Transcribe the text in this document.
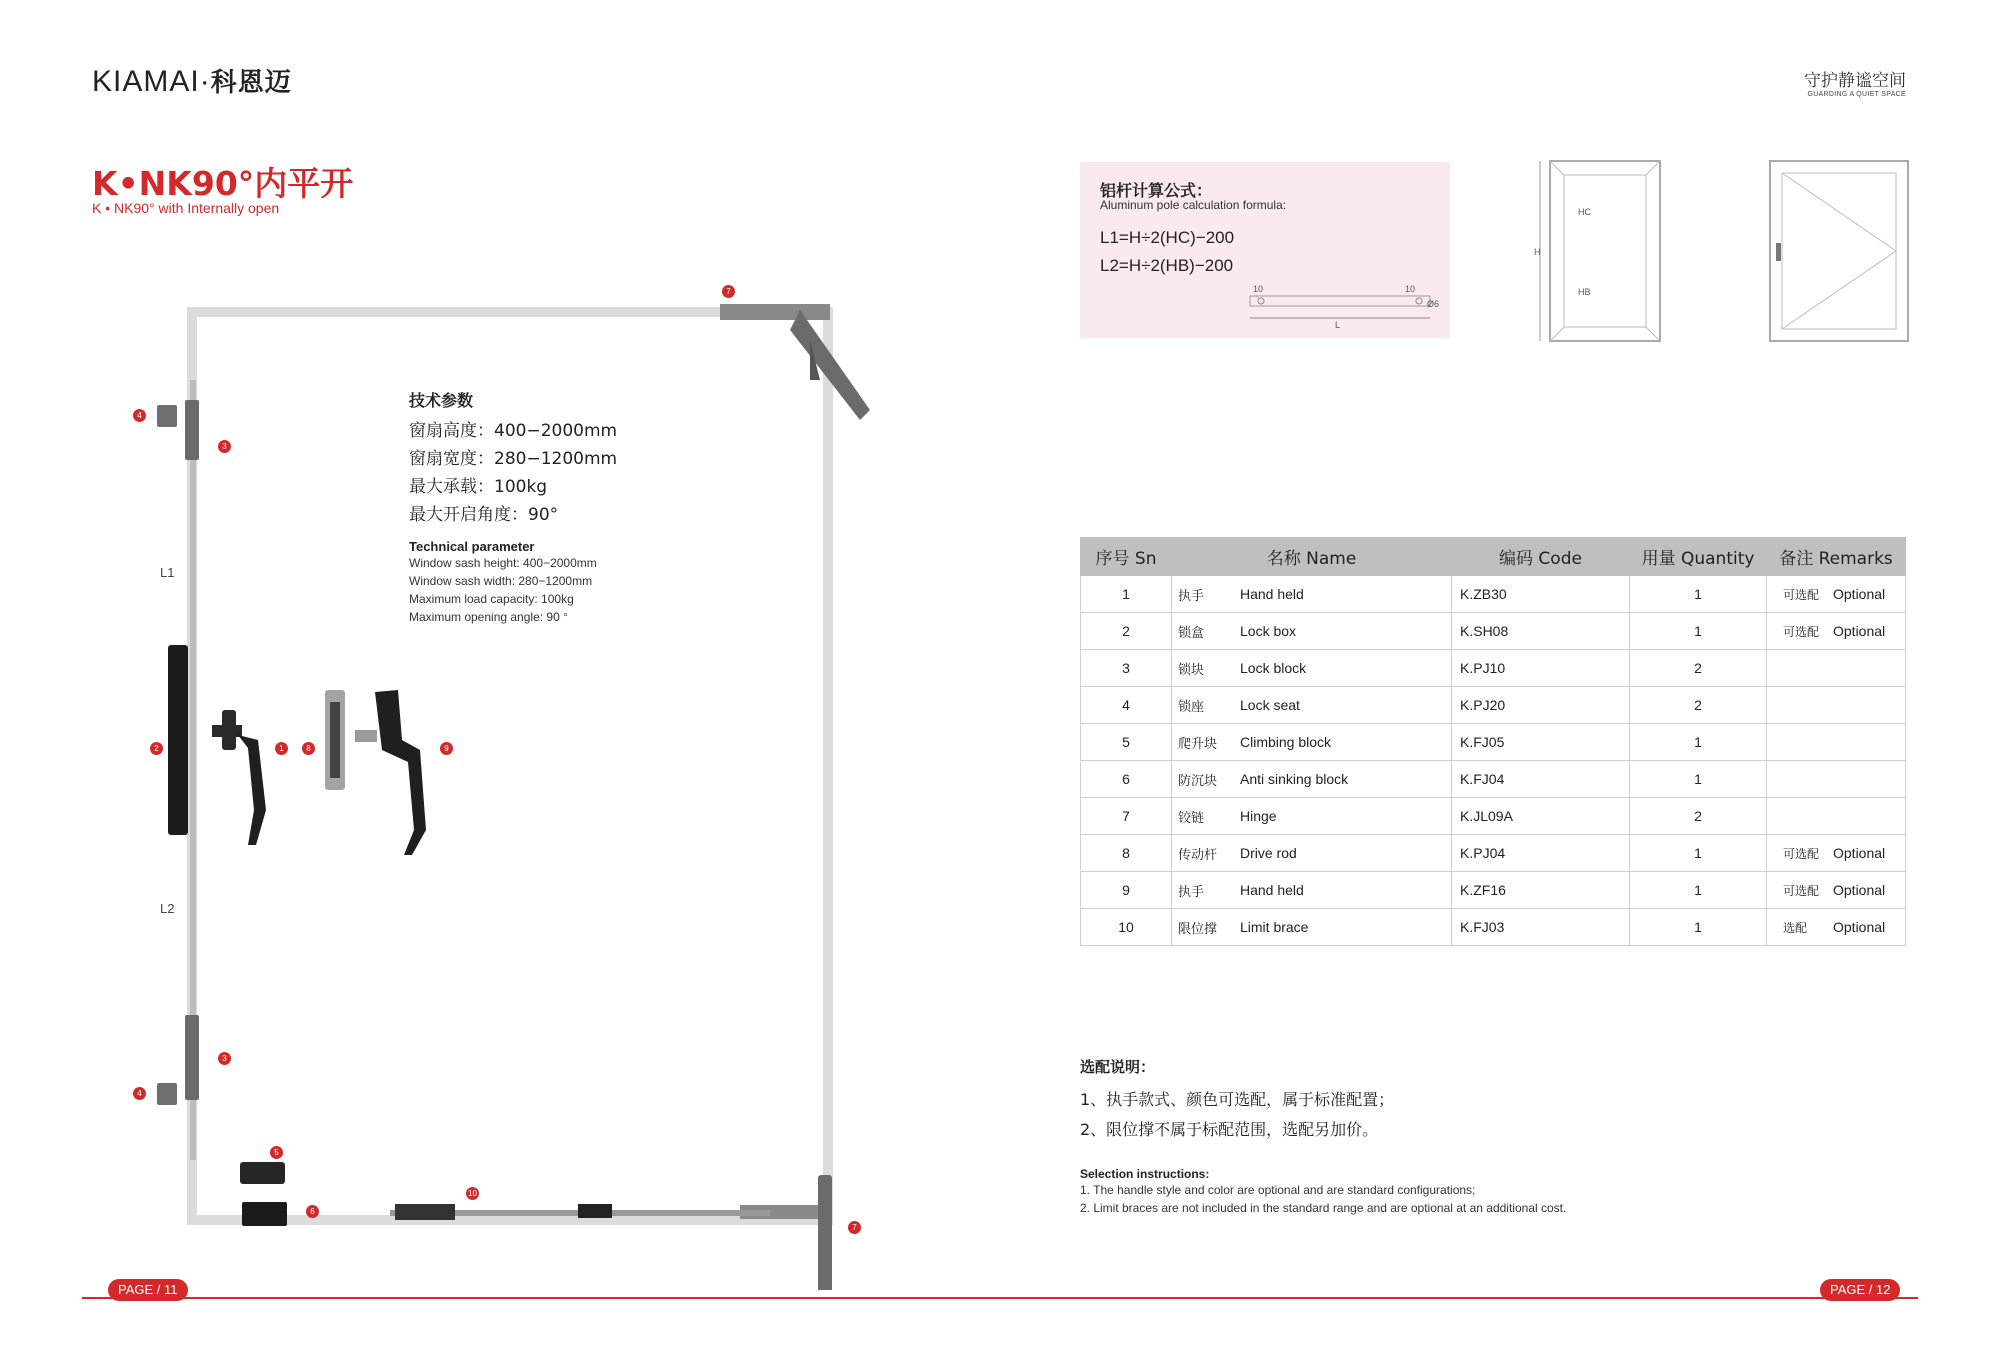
KIAMAI·科恩迈	守护静谧空间
GUARDING A QUIET SPACE
K•NK90°内平开
K • NK90° with Internally open
L1
L2
4
3
2	1	8	9
3
4
5
6
7
7
10
技术参数
窗扇高度：400−2000mm
窗扇宽度：280−1200mm
最大承载：100kg
最大开启角度：90°
Technical parameter
Window sash height: 400−2000mm
Window sash width: 280−1200mm
Maximum load capacity: 100kg
Maximum opening angle: 90 °
铝杆计算公式：
Aluminum pole calculation formula:
L1=H÷2(HC)−200
L2=H÷2(HB)−200
10	10
Ø6
L
H
HC
HB
序号 Sn	名称 Name		编码 Code	用量 Quantity	备注 Remarks
1	执手	Hand held	K.ZB30	1	可选配 Optional
2	锁盒	Lock box	K.SH08	1	可选配 Optional
3	锁块	Lock block	K.PJ10	2	
4	锁座	Lock seat	K.PJ20	2	
5	爬升块	Climbing block	K.FJ05	1	
6	防沉块	Anti sinking block	K.FJ04	1	
7	铰链	Hinge	K.JL09A	2	
8	传动杆	Drive rod	K.PJ04	1	可选配 Optional
9	执手	Hand held	K.ZF16	1	可选配 Optional
10	限位撑	Limit brace	K.FJ03	1	选配 Optional
选配说明：
1、执手款式、颜色可选配，属于标准配置；
2、限位撑不属于标配范围，选配另加价。
Selection instructions:
1. The handle style and color are optional and are standard configurations;
2. Limit braces are not included in the standard range and are optional at an additional cost.
PAGE / 11	PAGE / 12
